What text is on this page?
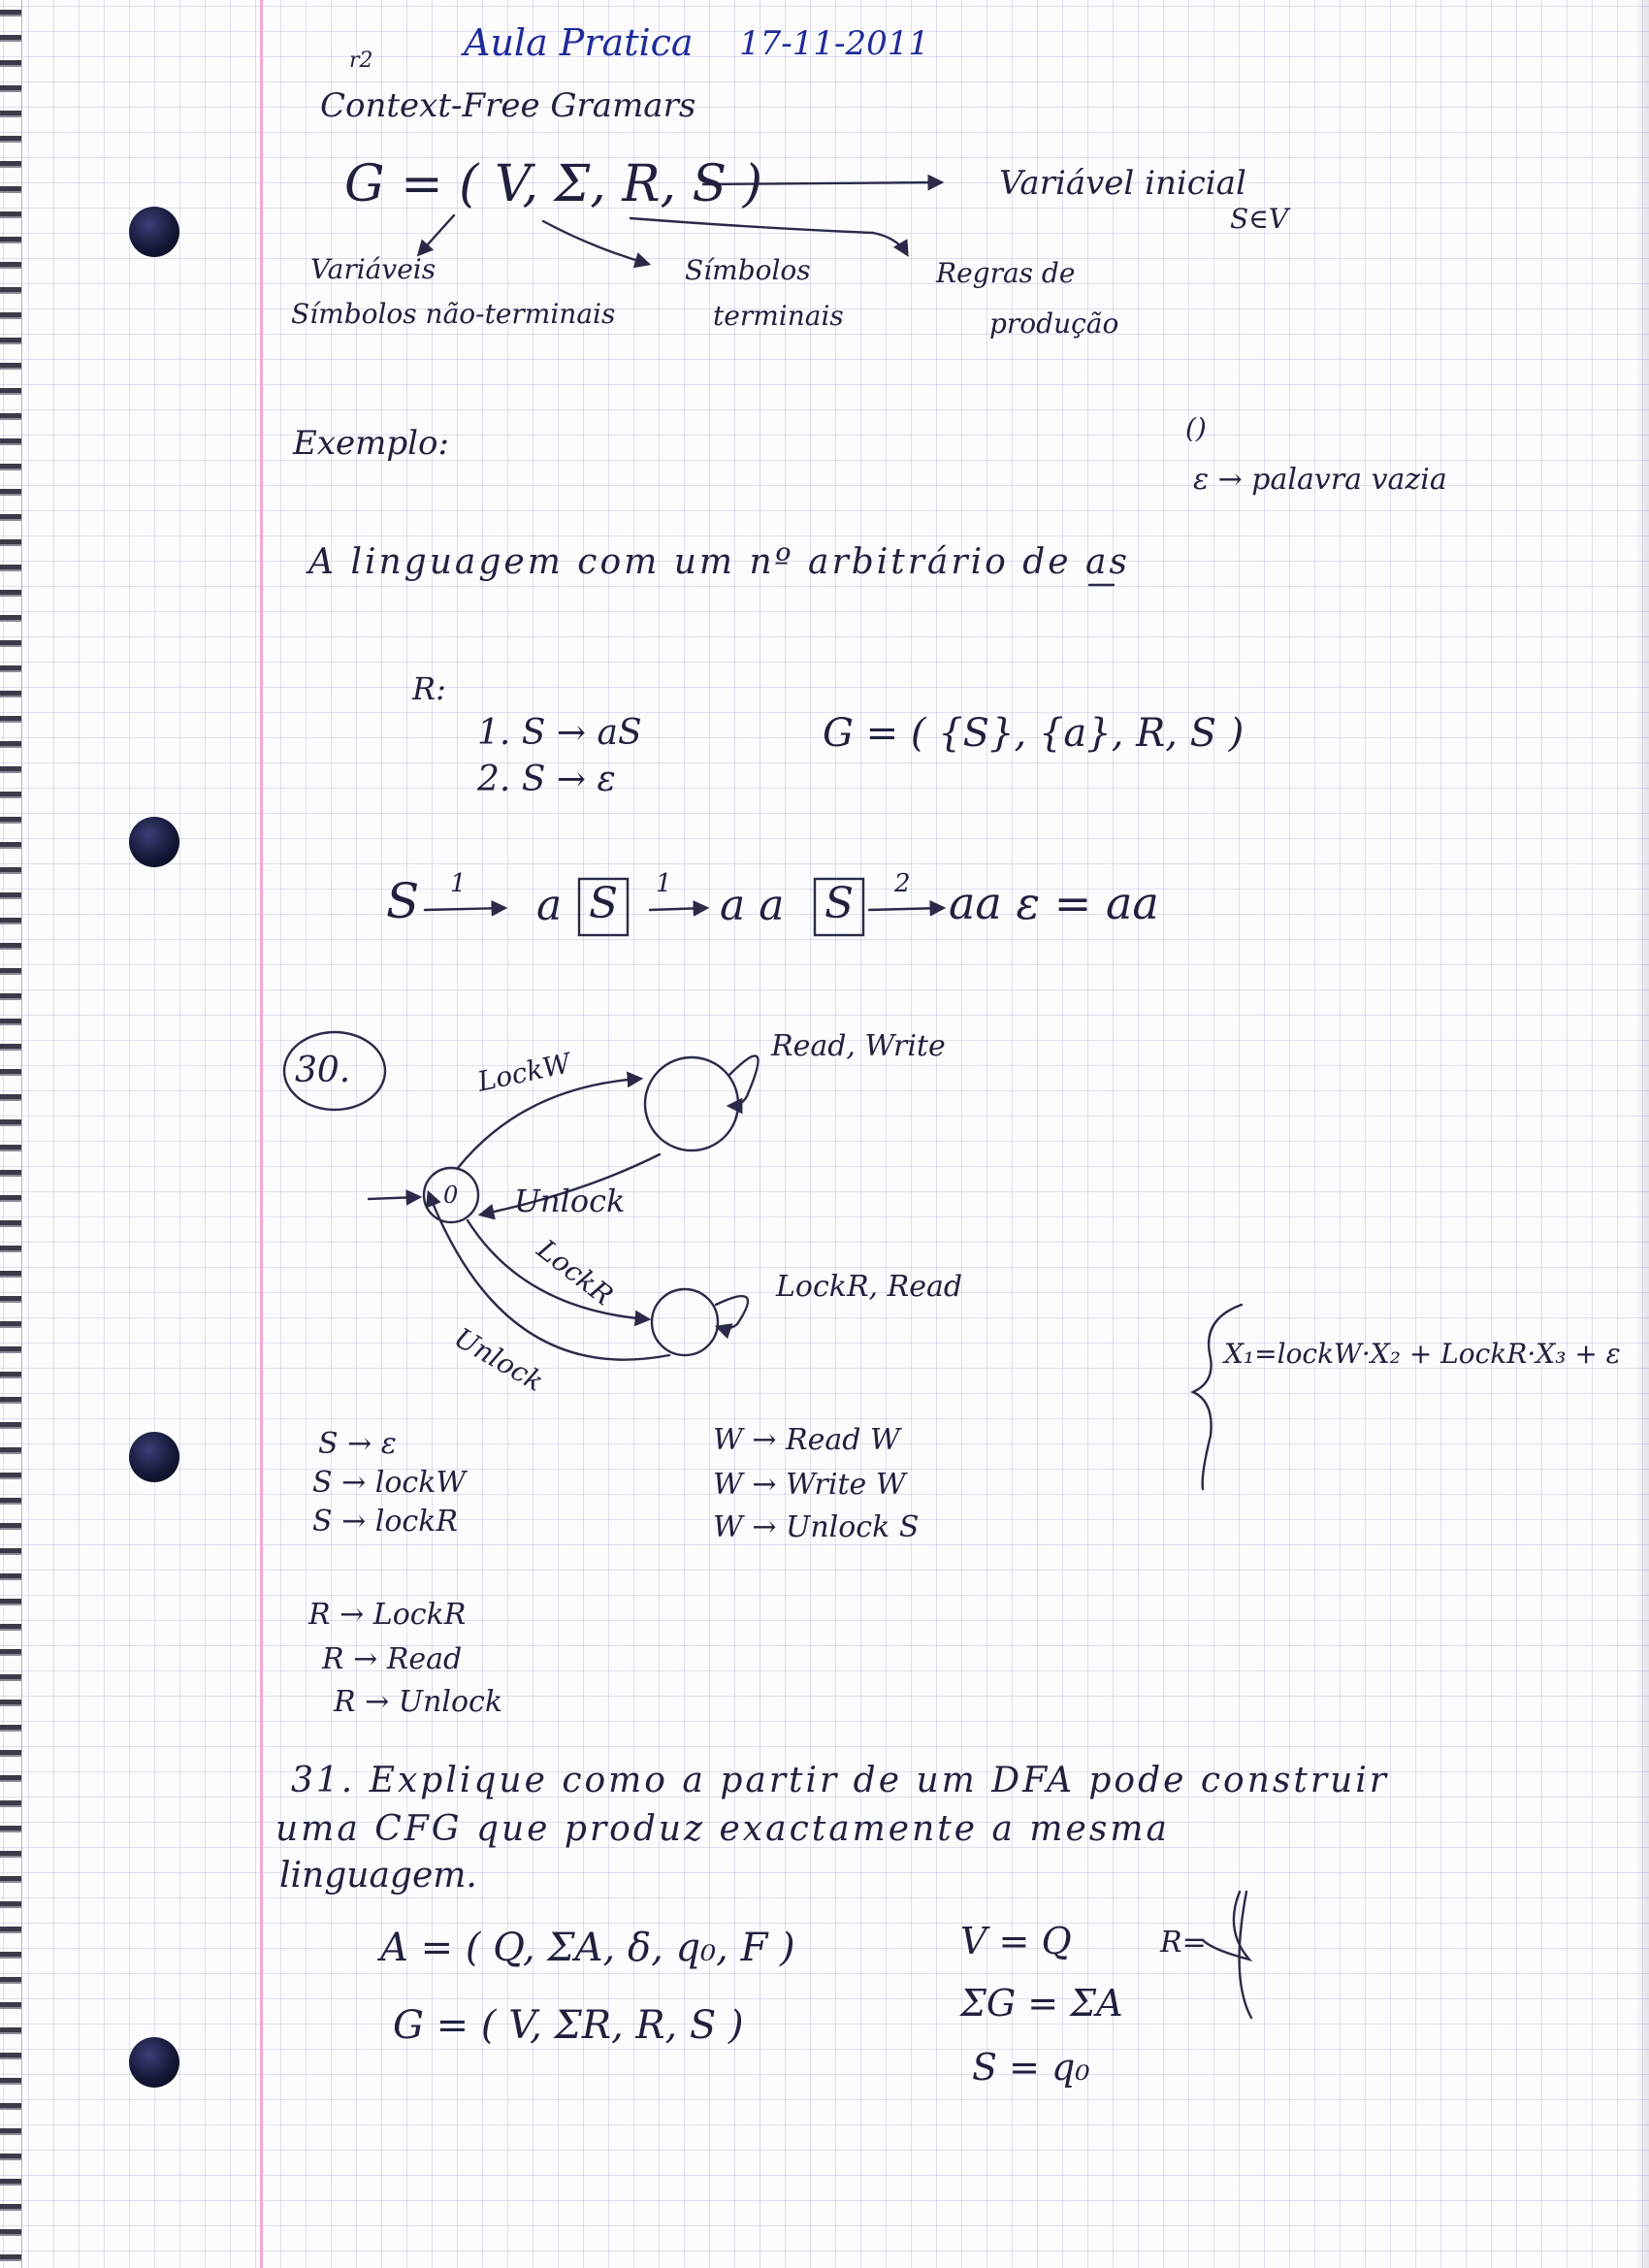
Aula Pratica 17-11-2011
r2
Context-Free Gramars
G = ( V, Σ, R, S )
Variáveis
Símbolos não-terminais
Símbolos
terminais
Regras de
produção
Variável inicial
S∈V
Exemplo:	()
ε → palavra vazia
A linguagem com um nº arbitrário de as
R:
1. S → aS
2. S → ε
G = ( {S}, {a}, R, S )
S 1 a S 1 a a S 2 aa ε = aa
30.
0
LockW
Unlock
Read, Write
LockR	LockR, Read
Unlock	X₁=lockW·X₂ + LockR·X₃ + ε
S → ε
S → lockW
S → lockR
W → Read W
W → Write W
W → Unlock S
R → LockR
R → Read
R → Unlock
31. Explique como a partir de um DFA pode construir
uma CFG que produz exactamente a mesma
linguagem.
A = ( Q, ΣA, δ, q₀, F )
G = ( V, ΣR, R, S )
V = Q
ΣG = ΣA
S = q₀
R=
